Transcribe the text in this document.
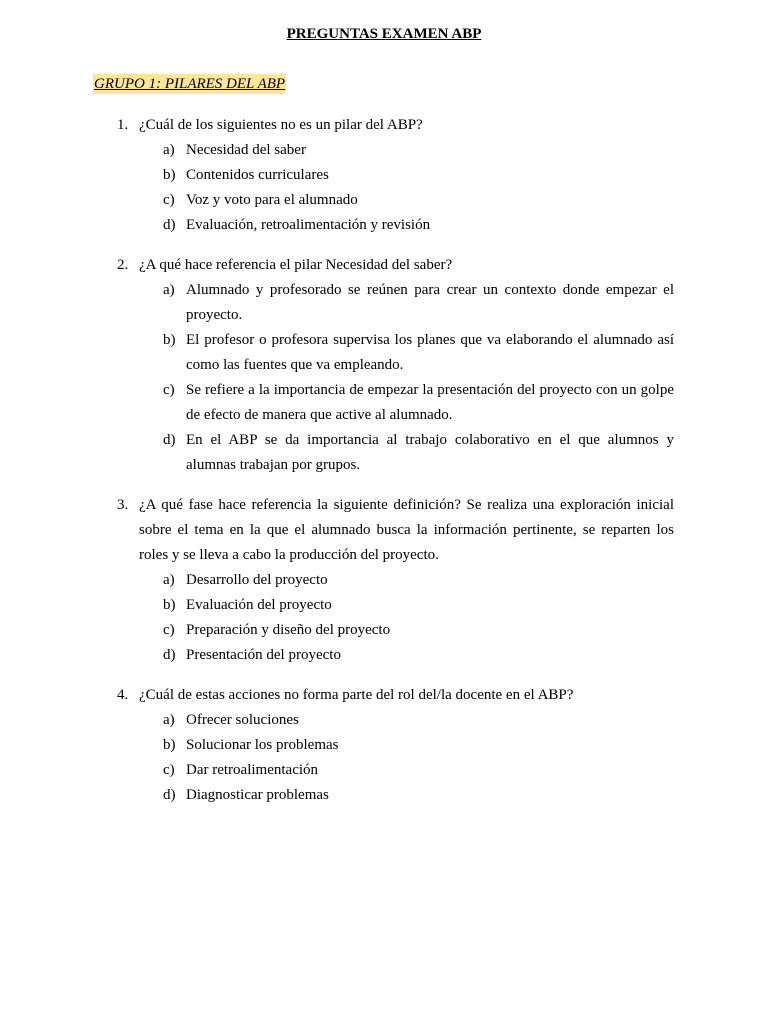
PREGUNTAS EXAMEN ABP
GRUPO 1: PILARES DEL ABP
1. ¿Cuál de los siguientes no es un pilar del ABP?
a) Necesidad del saber
b) Contenidos curriculares
c) Voz y voto para el alumnado
d) Evaluación, retroalimentación y revisión
2. ¿A qué hace referencia el pilar Necesidad del saber?
a) Alumnado y profesorado se reúnen para crear un contexto donde empezar el proyecto.
b) El profesor o profesora supervisa los planes que va elaborando el alumnado así como las fuentes que va empleando.
c) Se refiere a la importancia de empezar la presentación del proyecto con un golpe de efecto de manera que active al alumnado.
d) En el ABP se da importancia al trabajo colaborativo en el que alumnos y alumnas trabajan por grupos.
3. ¿A qué fase hace referencia la siguiente definición? Se realiza una exploración inicial sobre el tema en la que el alumnado busca la información pertinente, se reparten los roles y se lleva a cabo la producción del proyecto.
a) Desarrollo del proyecto
b) Evaluación del proyecto
c) Preparación y diseño del proyecto
d) Presentación del proyecto
4. ¿Cuál de estas acciones no forma parte del rol del/la docente en el ABP?
a) Ofrecer soluciones
b) Solucionar los problemas
c) Dar retroalimentación
d) Diagnosticar problemas
